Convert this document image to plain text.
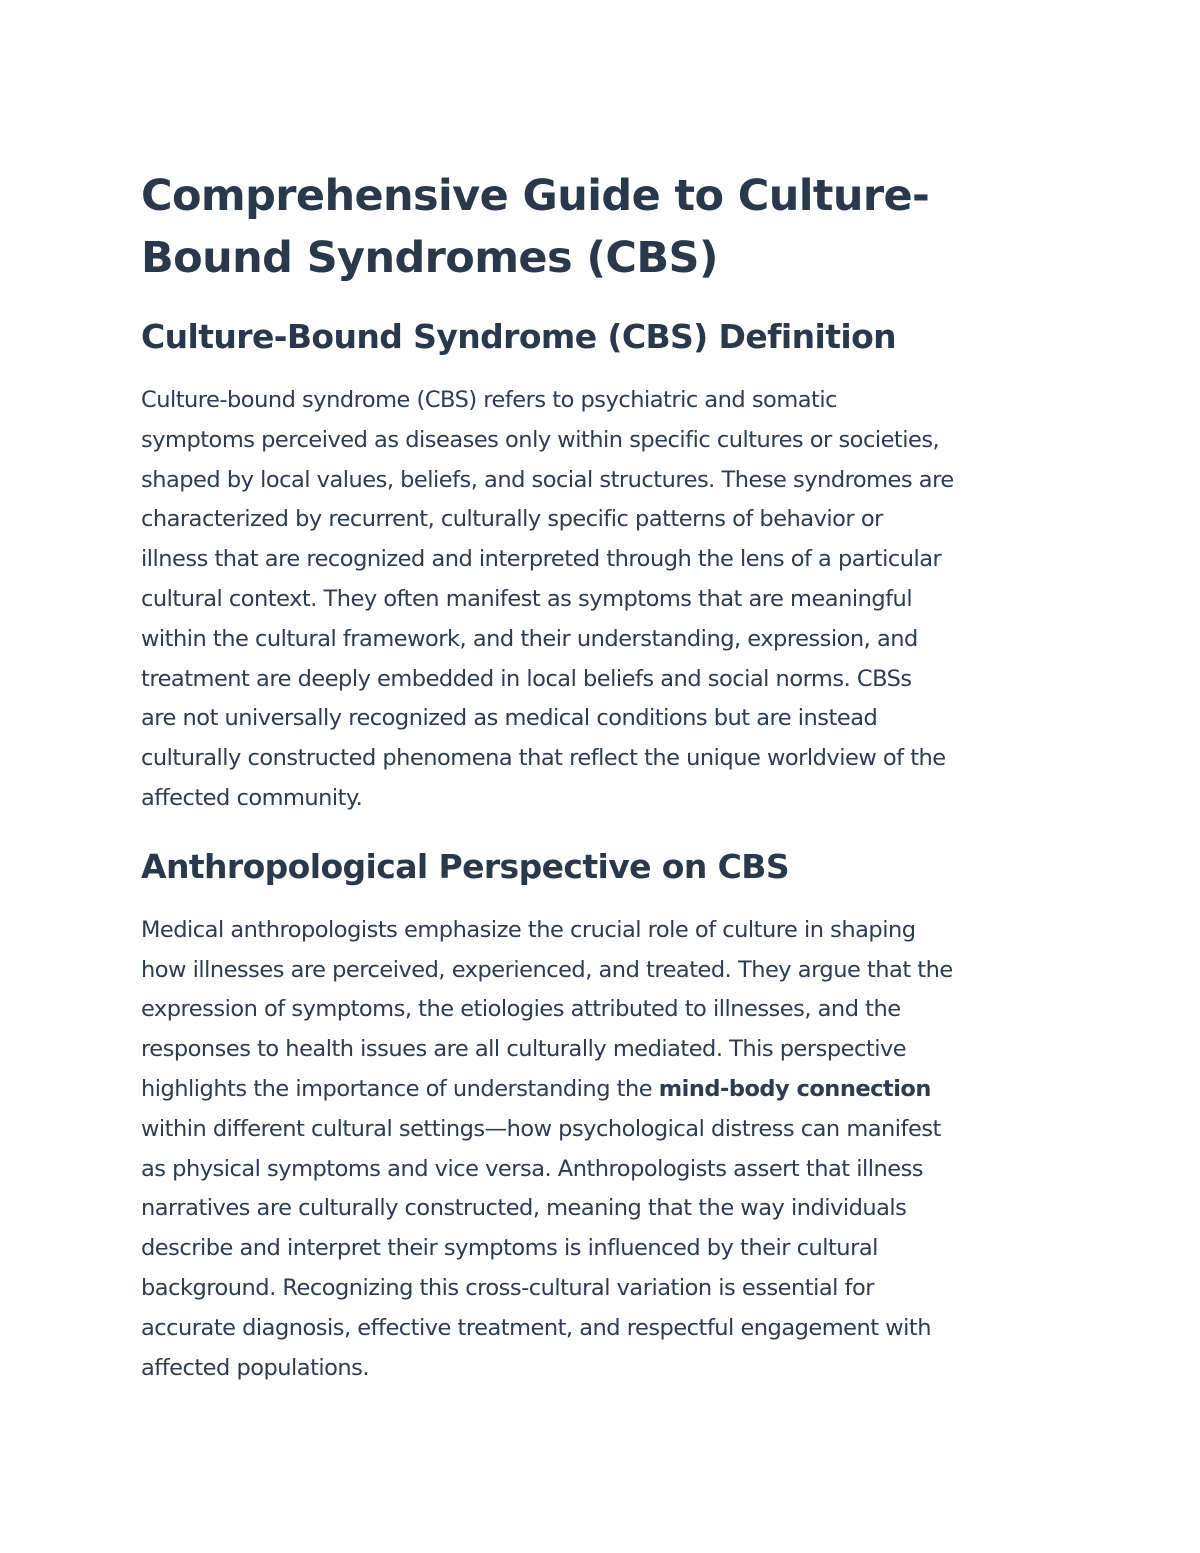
Comprehensive Guide to Culture-
Bound Syndromes (CBS)
Culture-Bound Syndrome (CBS) Definition

Culture-bound syndrome (CBS) refers to psychiatric and somatic
symptoms perceived as diseases only within specific cultures or societies,
shaped by local values, beliefs, and social structures. These syndromes are
characterized by recurrent, culturally specific patterns of behavior or
illness that are recognized and interpreted through the lens of a particular
cultural context. They often manifest as symptoms that are meaningful
within the cultural framework, and their understanding, expression, and
treatment are deeply embedded in local beliefs and social norms. CBSs
are not universally recognized as medical conditions but are instead
culturally constructed phenomena that reflect the unique worldview of the
affected community.

Anthropological Perspective on CBS

Medical anthropologists emphasize the crucial role of culture in shaping
how illnesses are perceived, experienced, and treated. They argue that the
expression of symptoms, the etiologies attributed to illnesses, and the
responses to health issues are all culturally mediated. This perspective
highlights the importance of understanding the mind-body connection
within different cultural settings—how psychological distress can manifest
as physical symptoms and vice versa. Anthropologists assert that illness
narratives are culturally constructed, meaning that the way individuals
describe and interpret their symptoms is influenced by their cultural
background. Recognizing this cross-cultural variation is essential for
accurate diagnosis, effective treatment, and respectful engagement with
affected populations.
